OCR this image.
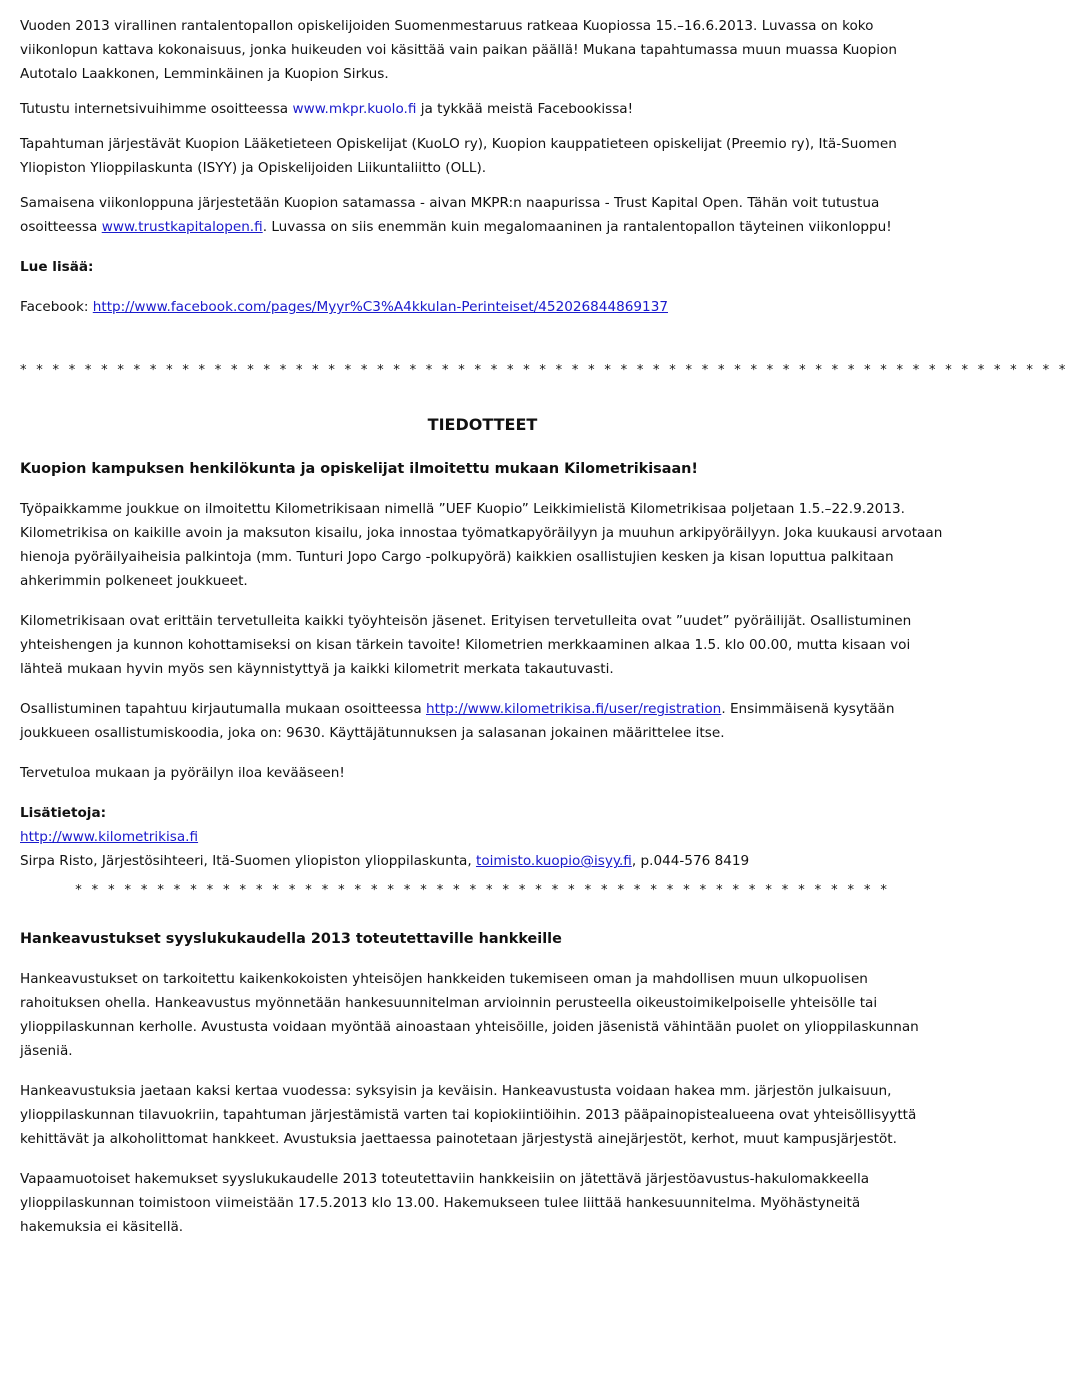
Vuoden 2013 virallinen rantalentopallon opiskelijoiden Suomenmestaruus ratkeaa Kuopiossa 15.–16.6.2013. Luvassa on koko viikonlopun kattava kokonaisuus, jonka huikeuden voi käsittää vain paikan päällä! Mukana tapahtumassa muun muassa Kuopion Autotalo Laakkonen, Lemminkäinen ja Kuopion Sirkus.

Tutustu internetsivuihimme osoitteessa www.mkpr.kuolo.fi ja tykkää meistä Facebookissa!

Tapahtuman järjestävät Kuopion Lääketieteen Opiskelijat (KuoLO ry), Kuopion kauppatieteen opiskelijat (Preemio ry), Itä-Suomen Yliopiston Ylioppilaskunta (ISYY) ja Opiskelijoiden Liikuntaliitto (OLL).

Samaisena viikonloppuna järjestetään Kuopion satamassa - aivan MKPR:n naapurissa - Trust Kapital Open. Tähän voit tutustua osoitteessa www.trustkapitalopen.fi. Luvassa on siis enemmän kuin megalomaaninen ja rantalentopallon täyteinen viikonloppu!

Lue lisää:

Facebook: http://www.facebook.com/pages/Myyr%C3%A4kkulan-Perinteiset/452026844869137

* * * * * * * * * * * * * * * * * * * * * * * * * * * * * * * * * * * * * * * * * * * * * * * * * * * * * * * * * * * * * * * * *
TIEDOTTEET
Kuopion kampuksen henkilökunta ja opiskelijat ilmoitettu mukaan Kilometrikisaan!

Työpaikkamme joukkue on ilmoitettu Kilometrikisaan nimellä ”UEF Kuopio” Leikkimielistä Kilometrikisaa poljetaan 1.5.–22.9.2013. Kilometrikisa on kaikille avoin ja maksuton kisailu, joka innostaa työmatkapyöräilyyn ja muuhun arkipyöräilyyn. Joka kuukausi arvotaan hienoja pyöräilyaiheisia palkintoja (mm. Tunturi Jopo Cargo -polkupyörä) kaikkien osallistujien kesken ja kisan loputtua palkitaan ahkerimmin polkeneet joukkueet.

Kilometrikisaan ovat erittäin tervetulleita kaikki työyhteisön jäsenet. Erityisen tervetulleita ovat ”uudet” pyöräilijät. Osallistuminen yhteishengen ja kunnon kohottamiseksi on kisan tärkein tavoite! Kilometrien merkkaaminen alkaa 1.5. klo 00.00, mutta kisaan voi lähteä mukaan hyvin myös sen käynnistyttyä ja kaikki kilometrit merkata takautuvasti.

Osallistuminen tapahtuu kirjautumalla mukaan osoitteessa http://www.kilometrikisa.fi/user/registration. Ensimmäisenä kysytään joukkueen osallistumiskoodia, joka on: 9630. Käyttäjätunnuksen ja salasanan jokainen määrittelee itse.

Tervetuloa mukaan ja pyöräilyn iloa kevääseen!

Lisätietoja:

http://www.kilometrikisa.fi

Sirpa Risto, Järjestösihteeri, Itä-Suomen yliopiston ylioppilaskunta, toimisto.kuopio@isyy.fi, p.044-576 8419

* * * * * * * * * * * * * * * * * * * * * * * * * * * * * * * * * * * * * * * * * * * * * * * * * *
Hankeavustukset syyslukukaudella 2013 toteutettaville hankkeille

Hankeavustukset on tarkoitettu kaikenkokoisten yhteisöjen hankkeiden tukemiseen oman ja mahdollisen muun ulkopuolisen rahoituksen ohella. Hankeavustus myönnetään hankesuunnitelman arvioinnin perusteella oikeustoimikelpoiselle yhteisölle tai ylioppilaskunnan kerholle. Avustusta voidaan myöntää ainoastaan yhteisöille, joiden jäsenistä vähintään puolet on ylioppilaskunnan jäseniä.

Hankeavustuksia jaetaan kaksi kertaa vuodessa: syksyisin ja keväisin. Hankeavustusta voidaan hakea mm. järjestön julkaisuun, ylioppilaskunnan tilavuokriin, tapahtuman järjestämistä varten tai kopiokiintiöihin. 2013 pääpainopistealueena ovat yhteisöllisyyttä kehittävät ja alkoholittomat hankkeet. Avustuksia jaettaessa painotetaan järjestystä ainejärjestöt, kerhot, muut kampusjärjestöt.

Vapaamuotoiset hakemukset syyslukukaudelle 2013 toteutettaviin hankkeisiin on jätettävä järjestöavustus-hakulomakkeella ylioppilaskunnan toimistoon viimeistään 17.5.2013 klo 13.00. Hakemukseen tulee liittää hankesuunnitelma. Myöhästyneitä hakemuksia ei käsitellä.
